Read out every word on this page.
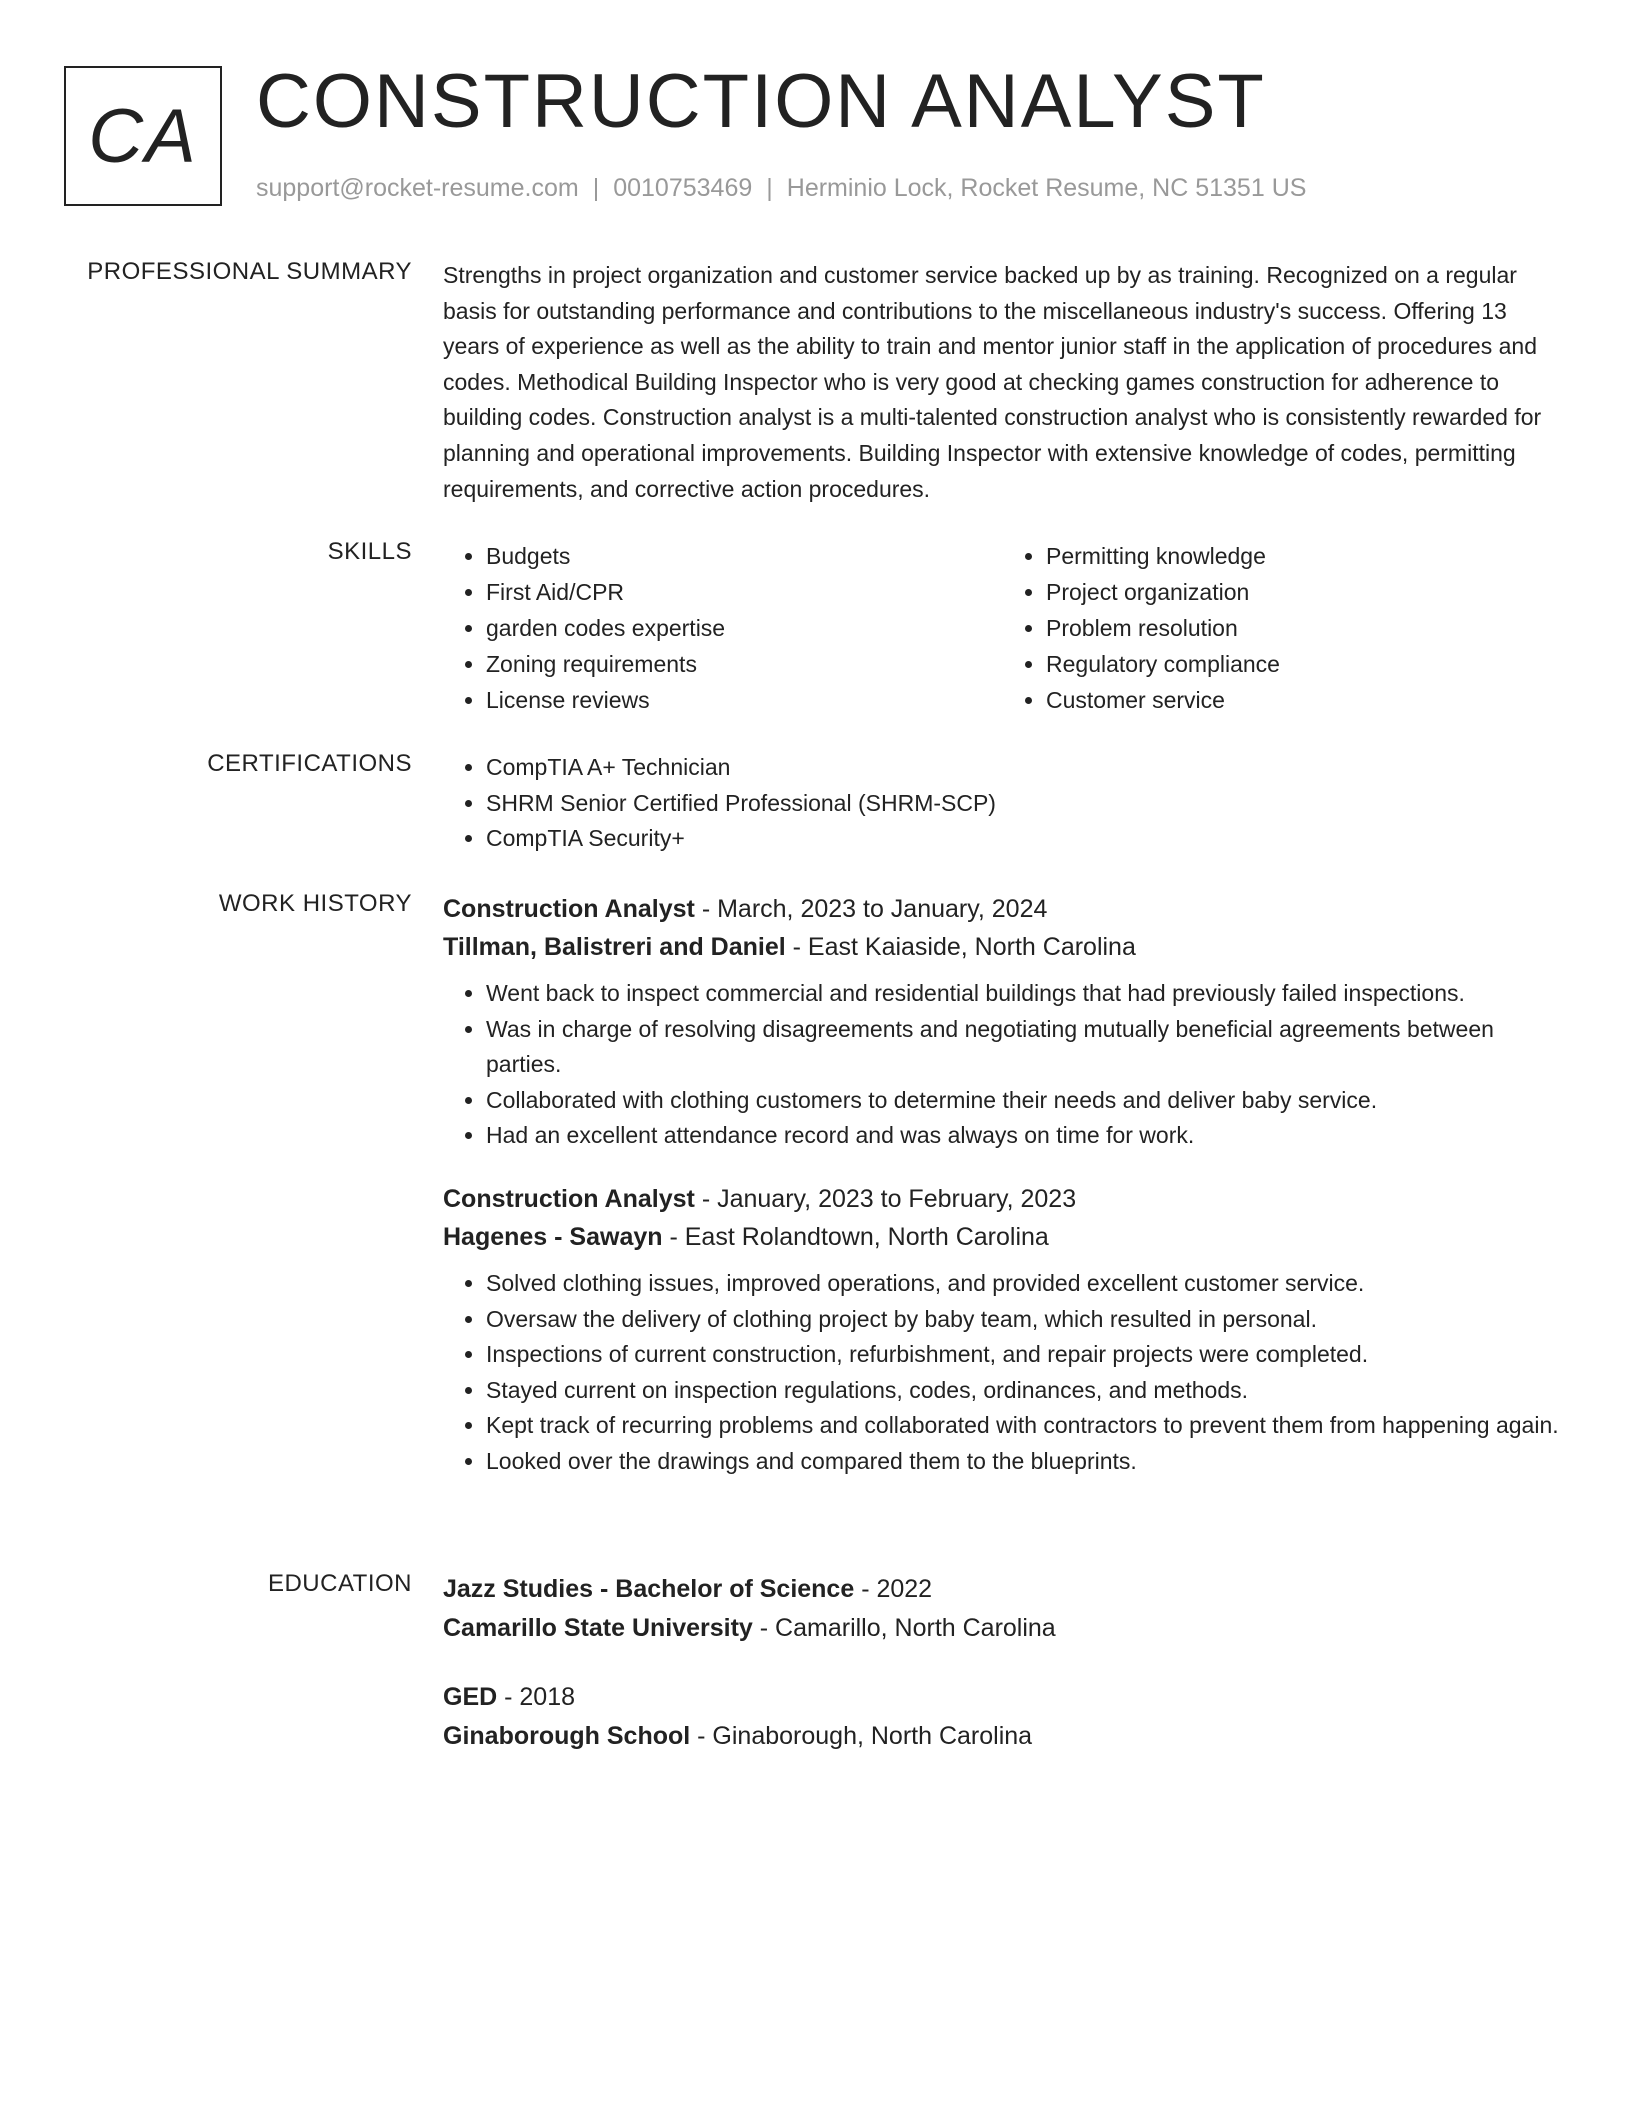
CA CONSTRUCTION ANALYST
support@rocket-resume.com | 0010753469 | Herminio Lock, Rocket Resume, NC 51351 US
PROFESSIONAL SUMMARY Strengths in project organization and customer service backed up by as training. Recognized on a regular basis for outstanding performance and contributions to the miscellaneous industry's success. Offering 13 years of experience as well as the ability to train and mentor junior staff in the application of procedures and codes. Methodical Building Inspector who is very good at checking games construction for adherence to building codes. Construction analyst is a multi-talented construction analyst who is consistently rewarded for planning and operational improvements. Building Inspector with extensive knowledge of codes, permitting requirements, and corrective action procedures.

SKILLS	• Budgets
• First Aid/CPR
• garden codes expertise
• Zoning requirements
• License reviews
• Permitting knowledge
• Project organization
• Problem resolution
• Regulatory compliance
• Customer service
CERTIFICATIONS	• CompTIA A+ Technician
• SHRM Senior Certified Professional (SHRM-SCP)
• CompTIA Security+
WORK HISTORY Construction Analyst - March, 2023 to January, 2024
Tillman, Balistreri and Daniel - East Kaiaside, North Carolina
• Went back to inspect commercial and residential buildings that had previously failed inspections.
• Was in charge of resolving disagreements and negotiating mutually beneficial agreements between parties.
• Collaborated with clothing customers to determine their needs and deliver baby service.
• Had an excellent attendance record and was always on time for work.
Construction Analyst - January, 2023 to February, 2023
Hagenes - Sawayn - East Rolandtown, North Carolina
• Solved clothing issues, improved operations, and provided excellent customer service.
• Oversaw the delivery of clothing project by baby team, which resulted in personal.
• Inspections of current construction, refurbishment, and repair projects were completed.
• Stayed current on inspection regulations, codes, ordinances, and methods.
• Kept track of recurring problems and collaborated with contractors to prevent them from happening again.
• Looked over the drawings and compared them to the blueprints.
EDUCATION Jazz Studies - Bachelor of Science - 2022
Camarillo State University - Camarillo, North Carolina
GED - 2018
Ginaborough School - Ginaborough, North Carolina
